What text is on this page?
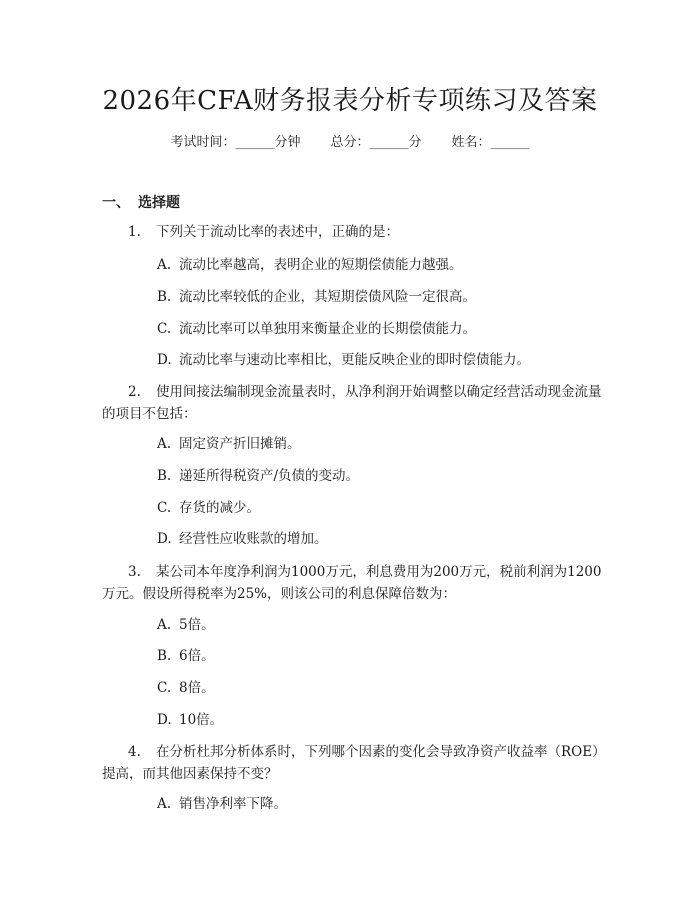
2026年CFA财务报表分析专项练习及答案
考试时间：______分钟 总分：______分 姓名：______
一、 选择题
1. 下列关于流动比率的表述中，正确的是：
A. 流动比率越高，表明企业的短期偿债能力越强。
B. 流动比率较低的企业，其短期偿债风险一定很高。
C. 流动比率可以单独用来衡量企业的长期偿债能力。
D. 流动比率与速动比率相比，更能反映企业的即时偿债能力。
2. 使用间接法编制现金流量表时，从净利润开始调整以确定经营活动现金流量的项目不包括：
A. 固定资产折旧摊销。
B. 递延所得税资产/负债的变动。
C. 存货的减少。
D. 经营性应收账款的增加。
3. 某公司本年度净利润为1000万元，利息费用为200万元，税前利润为1200万元。假设所得税率为25%，则该公司的利息保障倍数为：
A. 5倍。
B. 6倍。
C. 8倍。
D. 10倍。
4. 在分析杜邦分析体系时，下列哪个因素的变化会导致净资产收益率（ROE）提高，而其他因素保持不变？
A. 销售净利率下降。
